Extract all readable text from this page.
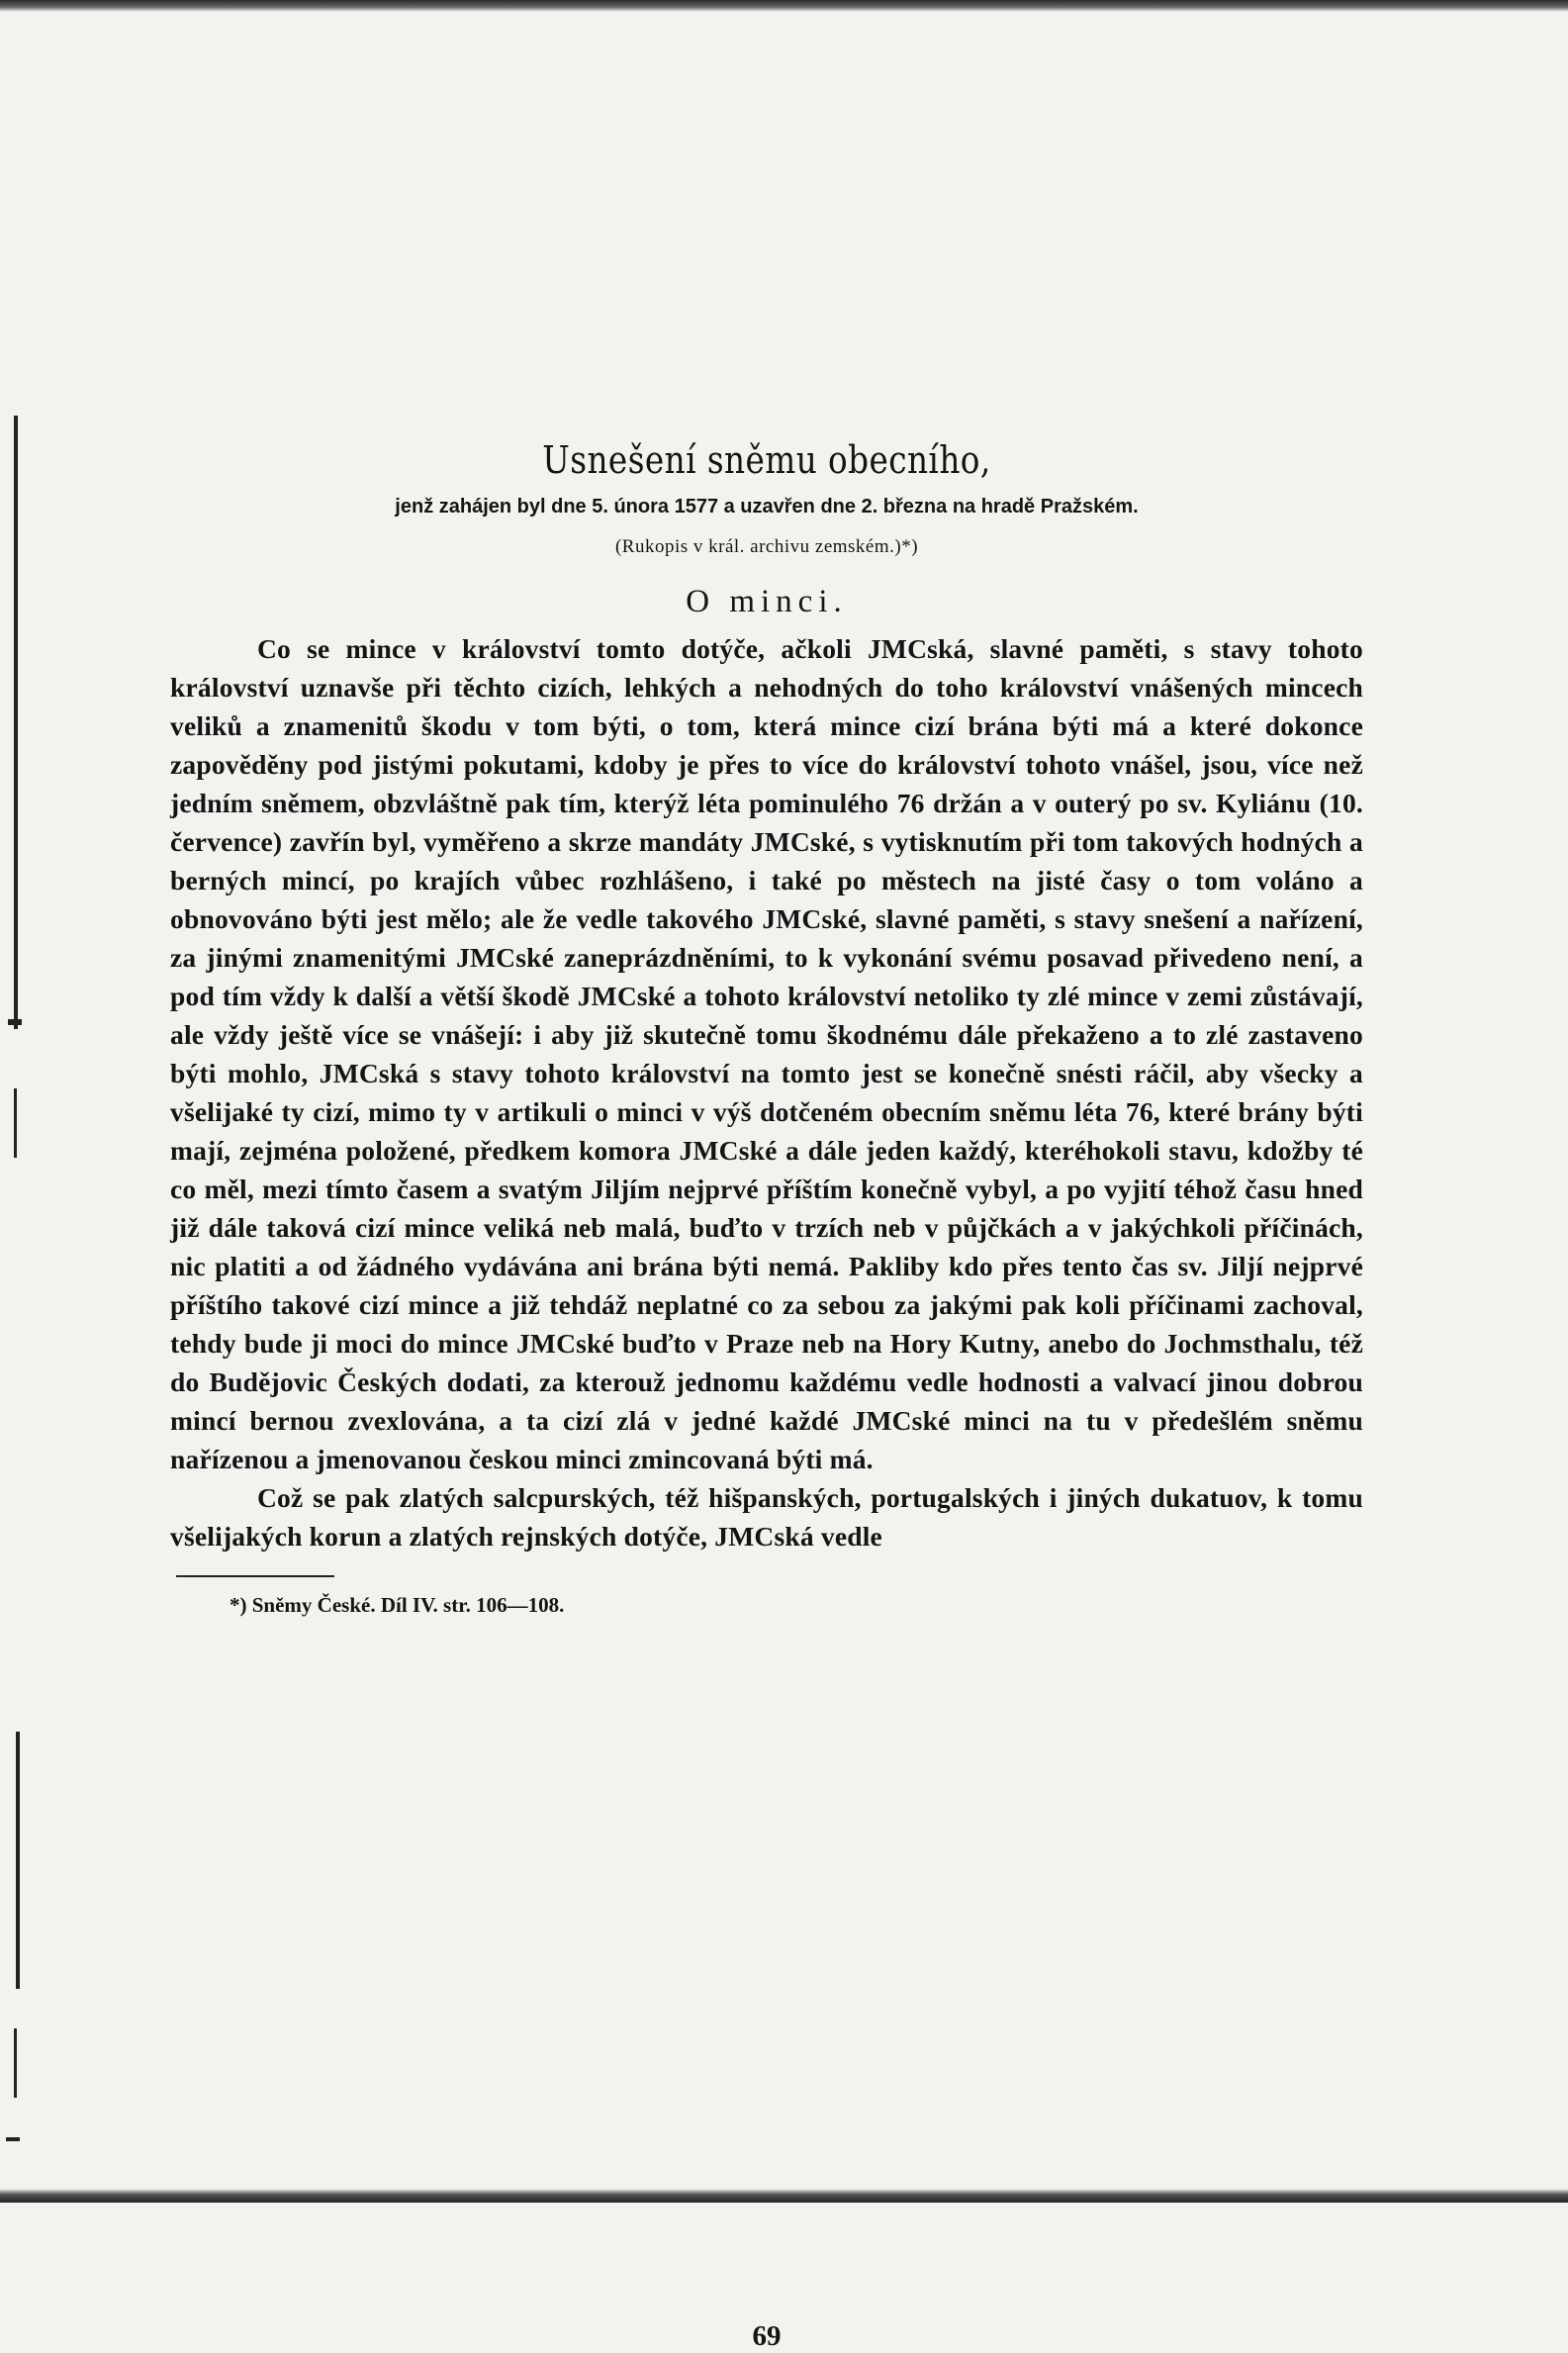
Usnešení sněmu obecního,
jenž zahájen byl dne 5. února 1577 a uzavřen dne 2. března na hradě Pražském.
(Rukopis v král. archivu zemském.)*)
O minci.

Co se mince v království tomto dotýče, ačkoli JMCská, slavné paměti, s stavy tohoto království uznavše při těchto cizích, lehkých a nehodných do toho království vnášených mincech veliků a znamenitů škodu v tom býti, o tom, která mince cizí brána býti má a které dokonce zapověděny pod jistými pokutami, kdoby je přes to více do království tohoto vnášel, jsou, více než jedním sněmem, obzvláštně pak tím, kterýž léta pominulého 76 držán a v outerý po sv. Kyliánu (10. července) zavřín byl, vyměřeno a skrze mandáty JMCské, s vytisknutím při tom takových hodných a berných mincí, po krajích vůbec rozhlášeno, i také po městech na jisté časy o tom voláno a obnovováno býti jest mělo; ale že vedle takového JMCské, slavné paměti, s stavy snešení a nařízení, za jinými znamenitými JMCské zaneprázdněními, to k vykonání svému posavad přivedeno není, a pod tím vždy k další a větší škodě JMCské a tohoto království netoliko ty zlé mince v zemi zůstávají, ale vždy ještě více se vnášejí: i aby již skutečně tomu škodnému dále překaženo a to zlé zastaveno býti mohlo, JMCská s stavy tohoto království na tomto jest se konečně snésti ráčil, aby všecky a všelijaké ty cizí, mimo ty v artikuli o minci v výš dotčeném obecním sněmu léta 76, které brány býti mají, zejména položené, předkem komora JMCské a dále jeden každý, kteréhokoli stavu, kdožby té co měl, mezi tímto časem a svatým Jiljím nejprvé příštím konečně vybyl, a po vyjití téhož času hned již dále taková cizí mince veliká neb malá, buďto v trzích neb v půjčkách a v jakýchkoli příčinách, nic platiti a od žádného vydávána ani brána býti nemá. Pakliby kdo přes tento čas sv. Jiljí nejprvé příštího takové cizí mince a již tehdáž neplatné co za sebou za jakými pak koli příčinami zachoval, tehdy bude ji moci do mince JMCské buďto v Praze neb na Hory Kutny, anebo do Jochmsthalu, též do Budějovic Českých dodati, za kterouž jednomu každému vedle hodnosti a valvací jinou dobrou mincí bernou zvexlována, a ta cizí zlá v jedné každé JMCské minci na tu v předešlém sněmu nařízenou a jmenovanou českou minci zmincovaná býti má.

Což se pak zlatých salcpurských, též hišpanských, portugalských i jiných dukatuov, k tomu všelijakých korun a zlatých rejnských dotýče, JMCská vedle

*) Sněmy České. Díl IV. str. 106—108.
69
